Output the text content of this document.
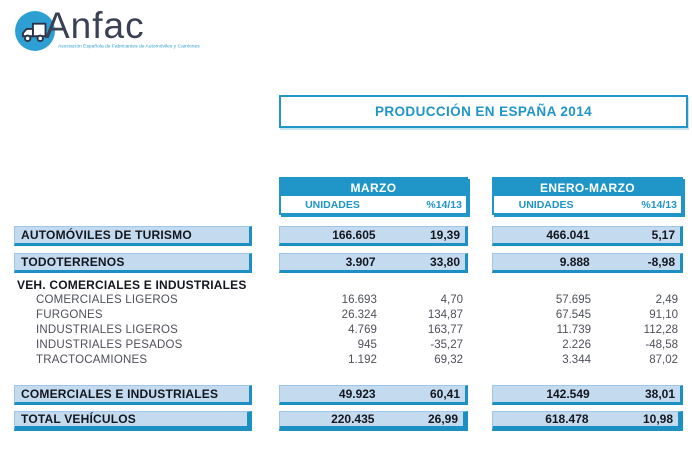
Anfac
Asociación Española de Fabricantes de Automóviles y Camiones
PRODUCCIÓN EN ESPAÑA 2014
MARZO
UNIDADES	%14/13
ENERO-MARZO
UNIDADES	%14/13
AUTOMÓVILES DE TURISMO	166.605	19,39	466.041	5,17
TODOTERRENOS	3.907	33,80	9.888	-8,98
VEH. COMERCIALES E INDUSTRIALES
COMERCIALES LIGEROS	16.693	4,70	57.695	2,49
FURGONES	26.324	134,87	67.545	91,10
INDUSTRIALES LIGEROS	4.769	163,77	11.739	112,28
INDUSTRIALES PESADOS	945	-35,27	2.226	-48,58
TRACTOCAMIONES	1.192	69,32	3.344	87,02
COMERCIALES E INDUSTRIALES	49.923	60,41	142.549	38,01
TOTAL VEHÍCULOS	220.435	26,99	618.478	10,98
